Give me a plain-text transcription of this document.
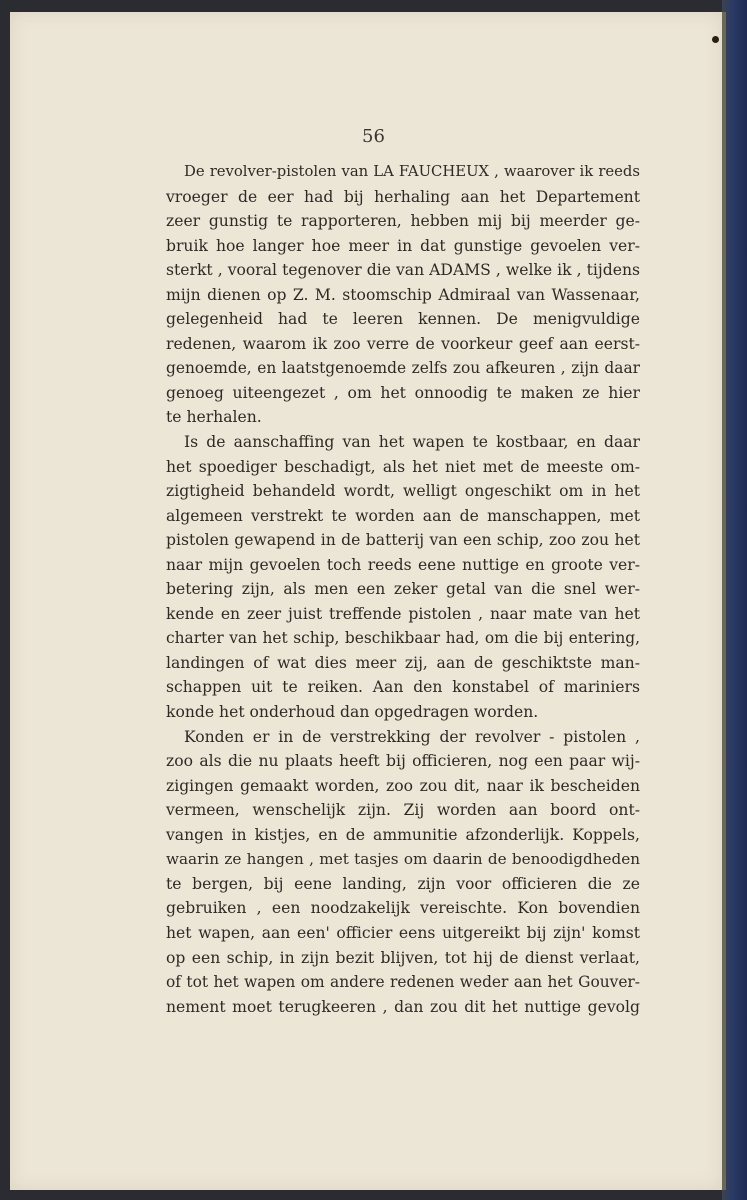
56
De revolver-pistolen van LA FAUCHEUX , waarover ik reeds
vroeger de eer had bij herhaling aan het Departement
zeer gunstig te rapporteren, hebben mij bij meerder ge-
bruik hoe langer hoe meer in dat gunstige gevoelen ver-
sterkt , vooral tegenover die van ADAMS , welke ik , tijdens
mijn dienen op Z. M. stoomschip Admiraal van Wassenaar,
gelegenheid had te leeren kennen. De menigvuldige
redenen, waarom ik zoo verre de voorkeur geef aan eerst-
genoemde, en laatstgenoemde zelfs zou afkeuren , zijn daar
genoeg uiteengezet , om het onnoodig te maken ze hier
te herhalen.
Is de aanschaffing van het wapen te kostbaar, en daar
het spoediger beschadigt, als het niet met de meeste om-
zigtigheid behandeld wordt, welligt ongeschikt om in het
algemeen verstrekt te worden aan de manschappen, met
pistolen gewapend in de batterij van een schip, zoo zou het
naar mijn gevoelen toch reeds eene nuttige en groote ver-
betering zijn, als men een zeker getal van die snel wer-
kende en zeer juist treffende pistolen , naar mate van het
charter van het schip, beschikbaar had, om die bij entering,
landingen of wat dies meer zij, aan de geschiktste man-
schappen uit te reiken. Aan den konstabel of mariniers
konde het onderhoud dan opgedragen worden.
Konden er in de verstrekking der revolver - pistolen ,
zoo als die nu plaats heeft bij officieren, nog een paar wij-
zigingen gemaakt worden, zoo zou dit, naar ik bescheiden
vermeen, wenschelijk zijn. Zij worden aan boord ont-
vangen in kistjes, en de ammunitie afzonderlijk. Koppels,
waarin ze hangen , met tasjes om daarin de benoodigdheden
te bergen, bij eene landing, zijn voor officieren die ze
gebruiken , een noodzakelijk vereischte. Kon bovendien
het wapen, aan een' officier eens uitgereikt bij zijn' komst
op een schip, in zijn bezit blijven, tot hij de dienst verlaat,
of tot het wapen om andere redenen weder aan het Gouver-
nement moet terugkeeren , dan zou dit het nuttige gevolg
